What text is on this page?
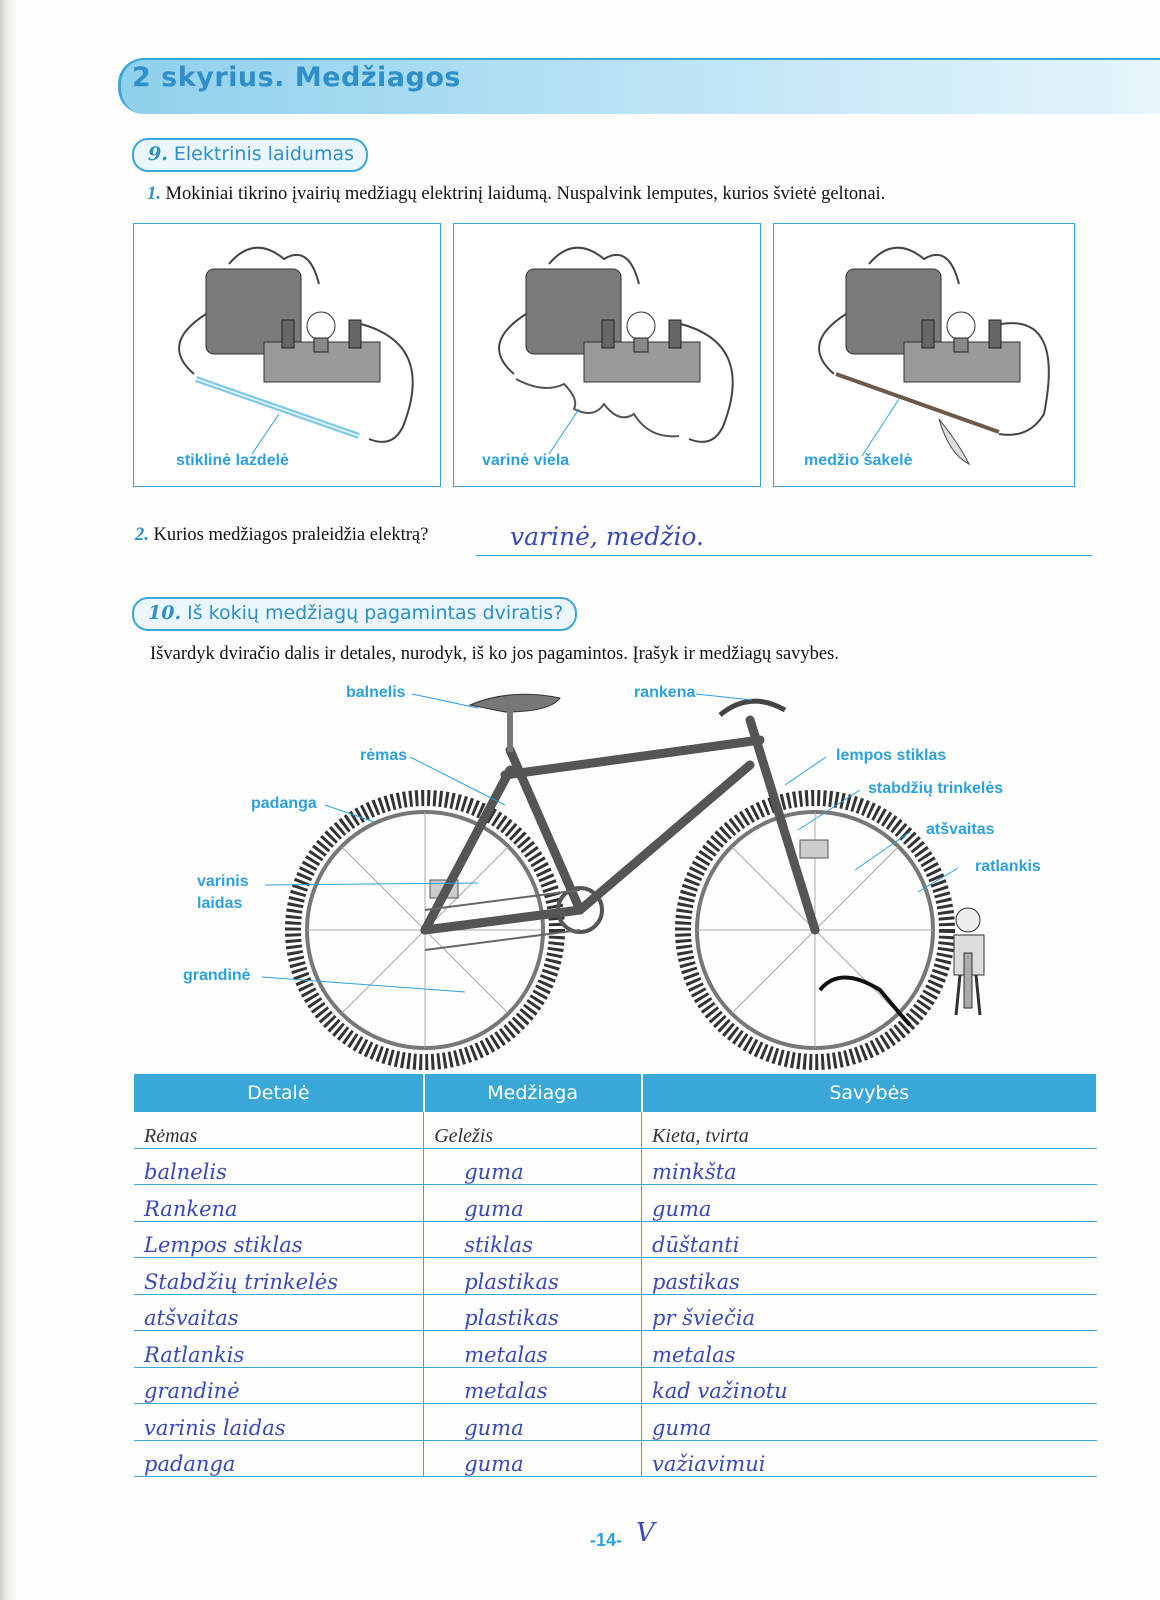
2 skyrius. Medžiagos
9. Elektrinis laidumas
1. Mokiniai tikrino įvairių medžiagų elektrinį laidumą. Nuspalvink lemputes, kurios švietė geltonai.
stiklinė lazdelė	varinė viela	medžio šakelė
2. Kurios medžiagos praleidžia elektrą?	varinė, medžio.
10. Iš kokių medžiagų pagamintas dviratis?
Išvardyk dviračio dalis ir detales, nurodyk, iš ko jos pagamintos. Įrašyk ir medžiagų savybes.
balnelis	rankena
rėmas	lempos stiklas
stabdžių trinkelės
padanga
atšvaitas
ratlankis
varinis
laidas
grandinė
Detalė	Medžiaga	Savybės
Rėmas	Geležis	Kieta, tvirta
balnelis	guma	minkšta
Rankena	guma	guma
Lempos stiklas	stiklas	dūštanti
Stabdžių trinkelės	plastikas	pastikas
atšvaitas	plastikas	pr šviečia
Ratlankis	metalas	metalas
grandinė	metalas	kad važinotu
varinis laidas	guma	guma
padanga	guma	važiavimui
-14- V
